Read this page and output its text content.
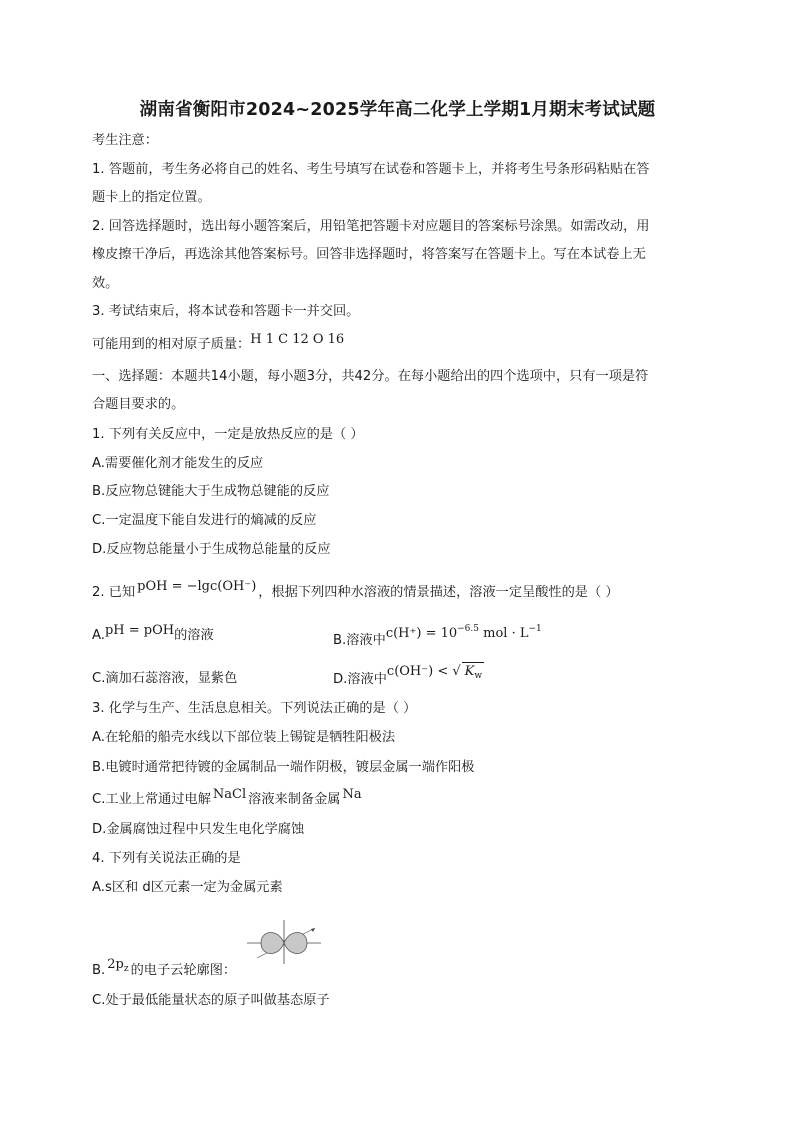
湖南省衡阳市2024~2025学年高二化学上学期1月期末考试试题
考生注意：
1. 答题前，考生务必将自己的姓名、考生号填写在试卷和答题卡上，并将考生号条形码粘贴在答
题卡上的指定位置。
2. 回答选择题时，选出每小题答案后，用铅笔把答题卡对应题目的答案标号涂黑。如需改动，用
橡皮擦干净后，再选涂其他答案标号。回答非选择题时，将答案写在答题卡上。写在本试卷上无
效。
3. 考试结束后，将本试卷和答题卡一并交回。
可能用到的相对原子质量：H 1 C 12 O 16
一、选择题：本题共14小题，每小题3分，共42分。在每小题给出的四个选项中，只有一项是符
合题目要求的。
1. 下列有关反应中，一定是放热反应的是（ ）
A.需要催化剂才能发生的反应
B.反应物总键能大于生成物总键能的反应
C.一定温度下能自发进行的熵减的反应
D.反应物总能量小于生成物总能量的反应
2. 已知 pOH = −lgc(OH⁻) ，根据下列四种水溶液的情景描述，溶液一定呈酸性的是（ ）
A.pH = pOH的溶液	B.溶液中$c(H^+) = 10^{-6.5}$ mol · $L^{-1}$
C.滴加石蕊溶液，显紫色	D.溶液中c(OH⁻) < √ $K_w$
3. 化学与生产、生活息息相关。下列说法正确的是（ ）
A.在轮船的船壳水线以下部位装上锡锭是牺牲阳极法
B.电镀时通常把待镀的金属制品一端作阴极，镀层金属一端作阳极
C.工业上常通过电解 NaCl 溶液来制备金属 Na
D.金属腐蚀过程中只发生电化学腐蚀
4. 下列有关说法正确的是
A.s区和 d区元素一定为金属元素
B. $2p_z$ 的电子云轮廓图：
C.处于最低能量状态的原子叫做基态原子
